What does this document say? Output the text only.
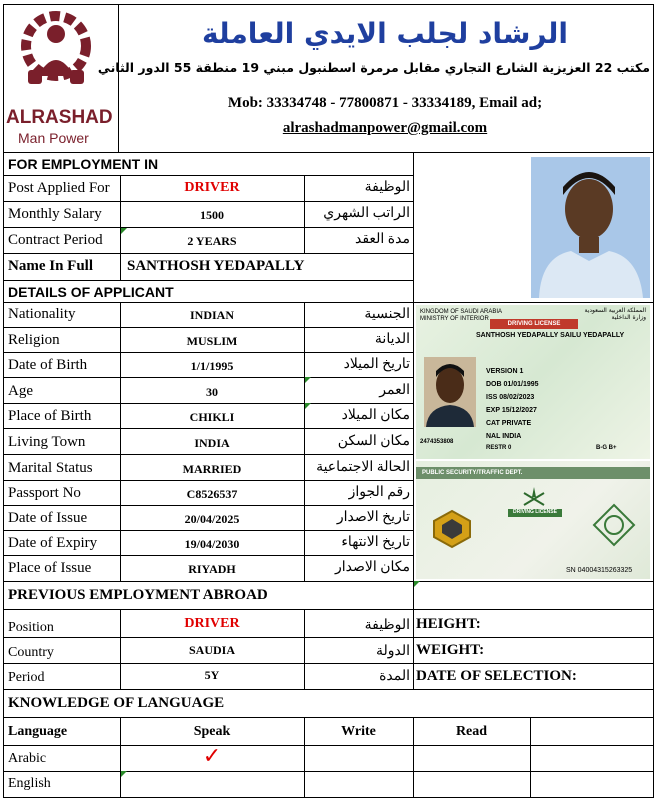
ALRASHAD
Man Power
الرشاد لجلب الايدي العاملة
مكتب 22 العزيزية الشارع التجاري مقابل مرمرة اسطنبول مبني 19 منطقة 55 الدور الثاني
Mob: 33334748 - 77800871 - 33334189, Email ad;
alrashadmanpower@gmail.com
FOR EMPLOYMENT IN
Post Applied For	DRIVER	الوظيفة
Monthly Salary	1500	الراتب الشهري
Contract Period	2 YEARS	مدة العقد
Name In Full SANTHOSH YEDAPALLY
DETAILS OF APPLICANT
Nationality	INDIAN	الجنسية
Religion	MUSLIM	الديانة
Date of Birth	1/1/1995	تاريخ الميلاد
Age	30	العمر
Place of Birth	CHIKLI	مكان الميلاد
Living Town	INDIA	مكان السكن
Marital Status	MARRIED	الحالة الاجتماعية
Passport No	C8526537	رقم الجواز
Date of Issue	20/04/2025	تاريخ الاصدار
Date of Expiry	19/04/2030	تاريخ الانتهاء
Place of Issue	RIYADH	مكان الاصدار
KINGDOM OF SAUDI ARABIA
MINISTRY OF INTERIOR
المملكة العربية السعودية
وزارة الداخلية
DRIVING LICENSE
SANTHOSH YEDAPALLY SAILU YEDAPALLY
VERSION 1
DOB 01/01/1995
ISS 08/02/2023
EXP 15/12/2027
CAT PRIVATE
NAL INDIA
2474353808
RESTR 0	B-G B+
PUBLIC SECURITY/TRAFFIC DEPT.
DRIVING LICENSE
SN 04004315263325
PREVIOUS EMPLOYMENT ABROAD
Position	DRIVER	الوظيفة HEIGHT:
Country	SAUDIA	الدولة WEIGHT:
Period	5Y	المدة DATE OF SELECTION:
KNOWLEDGE OF LANGUAGE
Language	Speak	Write	Read
Arabic	✓
English
